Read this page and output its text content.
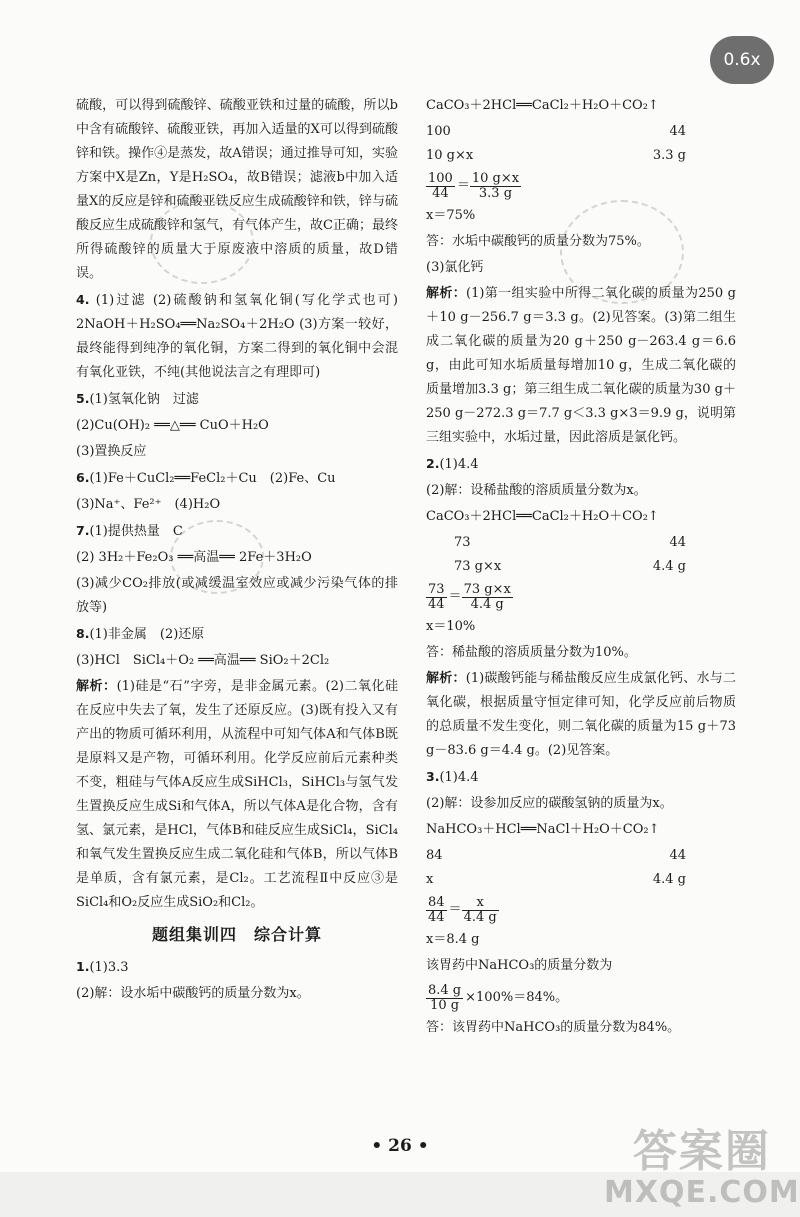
0.6x

硫酸，可以得到硫酸锌、硫酸亚铁和过量的硫酸，所以b中含有硫酸锌、硫酸亚铁，再加入适量的X可以得到硫酸锌和铁。操作④是蒸发，故A错误；通过推导可知，实验方案中X是Zn，Y是H₂SO₄，故B错误；滤液b中加入适量X的反应是锌和硫酸亚铁反应生成硫酸锌和铁，锌与硫酸反应生成硫酸锌和氢气，有气体产生，故C正确；最终所得硫酸锌的质量大于原废液中溶质的质量，故D错误。

4. (1)过滤 (2)硫酸钠和氢氧化铜(写化学式也可) 2NaOH＋H₂SO₄══Na₂SO₄＋2H₂O (3)方案一较好，最终能得到纯净的氧化铜，方案二得到的氧化铜中会混有氧化亚铁，不纯(其他说法言之有理即可)

5.(1)氢氧化钠　过滤

(2)Cu(OH)₂ ══△══ CuO＋H₂O

(3)置换反应

6.(1)Fe＋CuCl₂══FeCl₂＋Cu　(2)Fe、Cu

(3)Na⁺、Fe²⁺　(4)H₂O

7.(1)提供热量　C

(2) 3H₂＋Fe₂O₃ ══高温══ 2Fe＋3H₂O

(3)减少CO₂排放(或减缓温室效应或减少污染气体的排放等)

8.(1)非金属　(2)还原

(3)HCl　SiCl₄＋O₂ ══高温══ SiO₂＋2Cl₂

解析：(1)硅是“石”字旁，是非金属元素。(2)二氧化硅在反应中失去了氧，发生了还原反应。(3)既有投入又有产出的物质可循环利用，从流程中可知气体A和气体B既是原料又是产物，可循环利用。化学反应前后元素种类不变，粗硅与气体A反应生成SiHCl₃，SiHCl₃与氢气发生置换反应生成Si和气体A，所以气体A是化合物，含有氢、氯元素，是HCl，气体B和硅反应生成SiCl₄，SiCl₄和氧气发生置换反应生成二氧化硅和气体B，所以气体B是单质，含有氯元素，是Cl₂。工艺流程Ⅱ中反应③是SiCl₄和O₂反应生成SiO₂和Cl₂。

题组集训四　综合计算

1.(1)3.3

(2)解：设水垢中碳酸钙的质量分数为x。

CaCO₃＋2HCl══CaCl₂＋H₂O＋CO₂↑

100	44
10 g×x	3.3 g
$\frac{100}{44} = \frac{10 g\times x}{3.3 g}$

x＝75%

答：水垢中碳酸钙的质量分数为75%。

(3)氯化钙

解析：(1)第一组实验中所得二氧化碳的质量为250 g＋10 g－256.7 g＝3.3 g。(2)见答案。(3)第二组生成二氧化碳的质量为20 g＋250 g－263.4 g＝6.6 g，由此可知水垢质量每增加10 g，生成二氧化碳的质量增加3.3 g；第三组生成二氧化碳的质量为30 g＋250 g－272.3 g＝7.7 g＜3.3 g×3＝9.9 g，说明第三组实验中，水垢过量，因此溶质是氯化钙。

2.(1)4.4

(2)解：设稀盐酸的溶质质量分数为x。

CaCO₃＋2HCl══CaCl₂＋H₂O＋CO₂↑

73	44
73 g×x	4.4 g
$\frac{73}{44} = \frac{73 g\times x}{4.4 g}$

x＝10%

答：稀盐酸的溶质质量分数为10%。

解析：(1)碳酸钙能与稀盐酸反应生成氯化钙、水与二氧化碳，根据质量守恒定律可知，化学反应前后物质的总质量不发生变化，则二氧化碳的质量为15 g＋73 g－83.6 g＝4.4 g。(2)见答案。

3.(1)4.4

(2)解：设参加反应的碳酸氢钠的质量为x。

NaHCO₃＋HCl══NaCl＋H₂O＋CO₂↑

84	44
x	4.4 g
$\frac{84}{44} = \frac{x}{4.4 g}$

x＝8.4 g

该胃药中NaHCO₃的质量分数为

$\frac{8.4 g}{10 g} \times 100\%=84\%$。

答：该胃药中NaHCO₃的质量分数为84%。

• 26 •	答案圈
MXQE.COM
